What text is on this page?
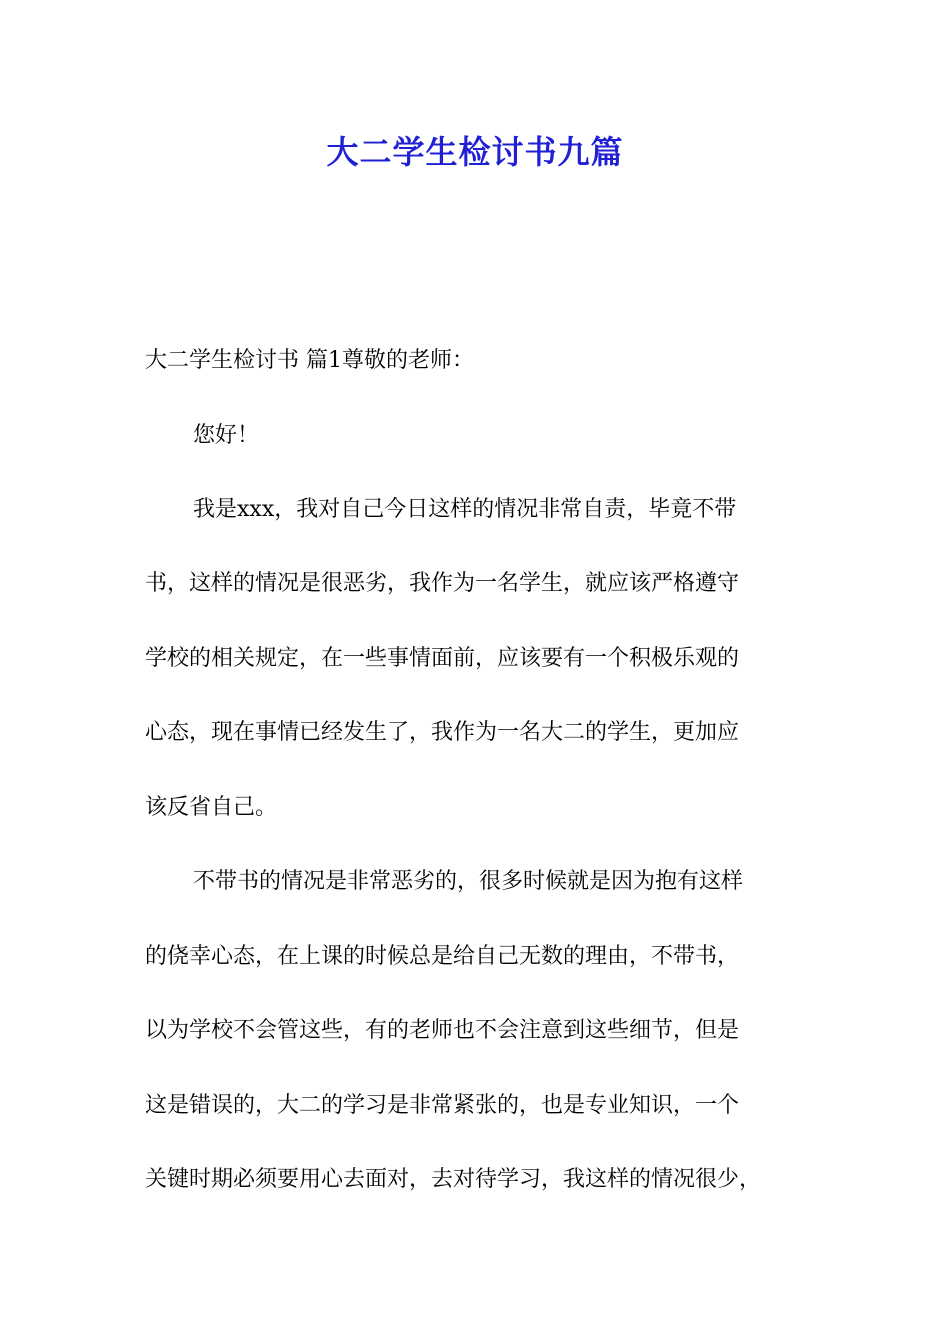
大二学生检讨书九篇
大二学生检讨书 篇1尊敬的老师：
您好！
我是xxx，我对自己今日这样的情况非常自责，毕竟不带
书，这样的情况是很恶劣，我作为一名学生，就应该严格遵守
学校的相关规定，在一些事情面前，应该要有一个积极乐观的
心态，现在事情已经发生了，我作为一名大二的学生，更加应
该反省自己。
不带书的情况是非常恶劣的，很多时候就是因为抱有这样
的侥幸心态，在上课的时候总是给自己无数的理由，不带书，
以为学校不会管这些，有的老师也不会注意到这些细节，但是
这是错误的，大二的学习是非常紧张的，也是专业知识，一个
关键时期必须要用心去面对，去对待学习，我这样的情况很少，
